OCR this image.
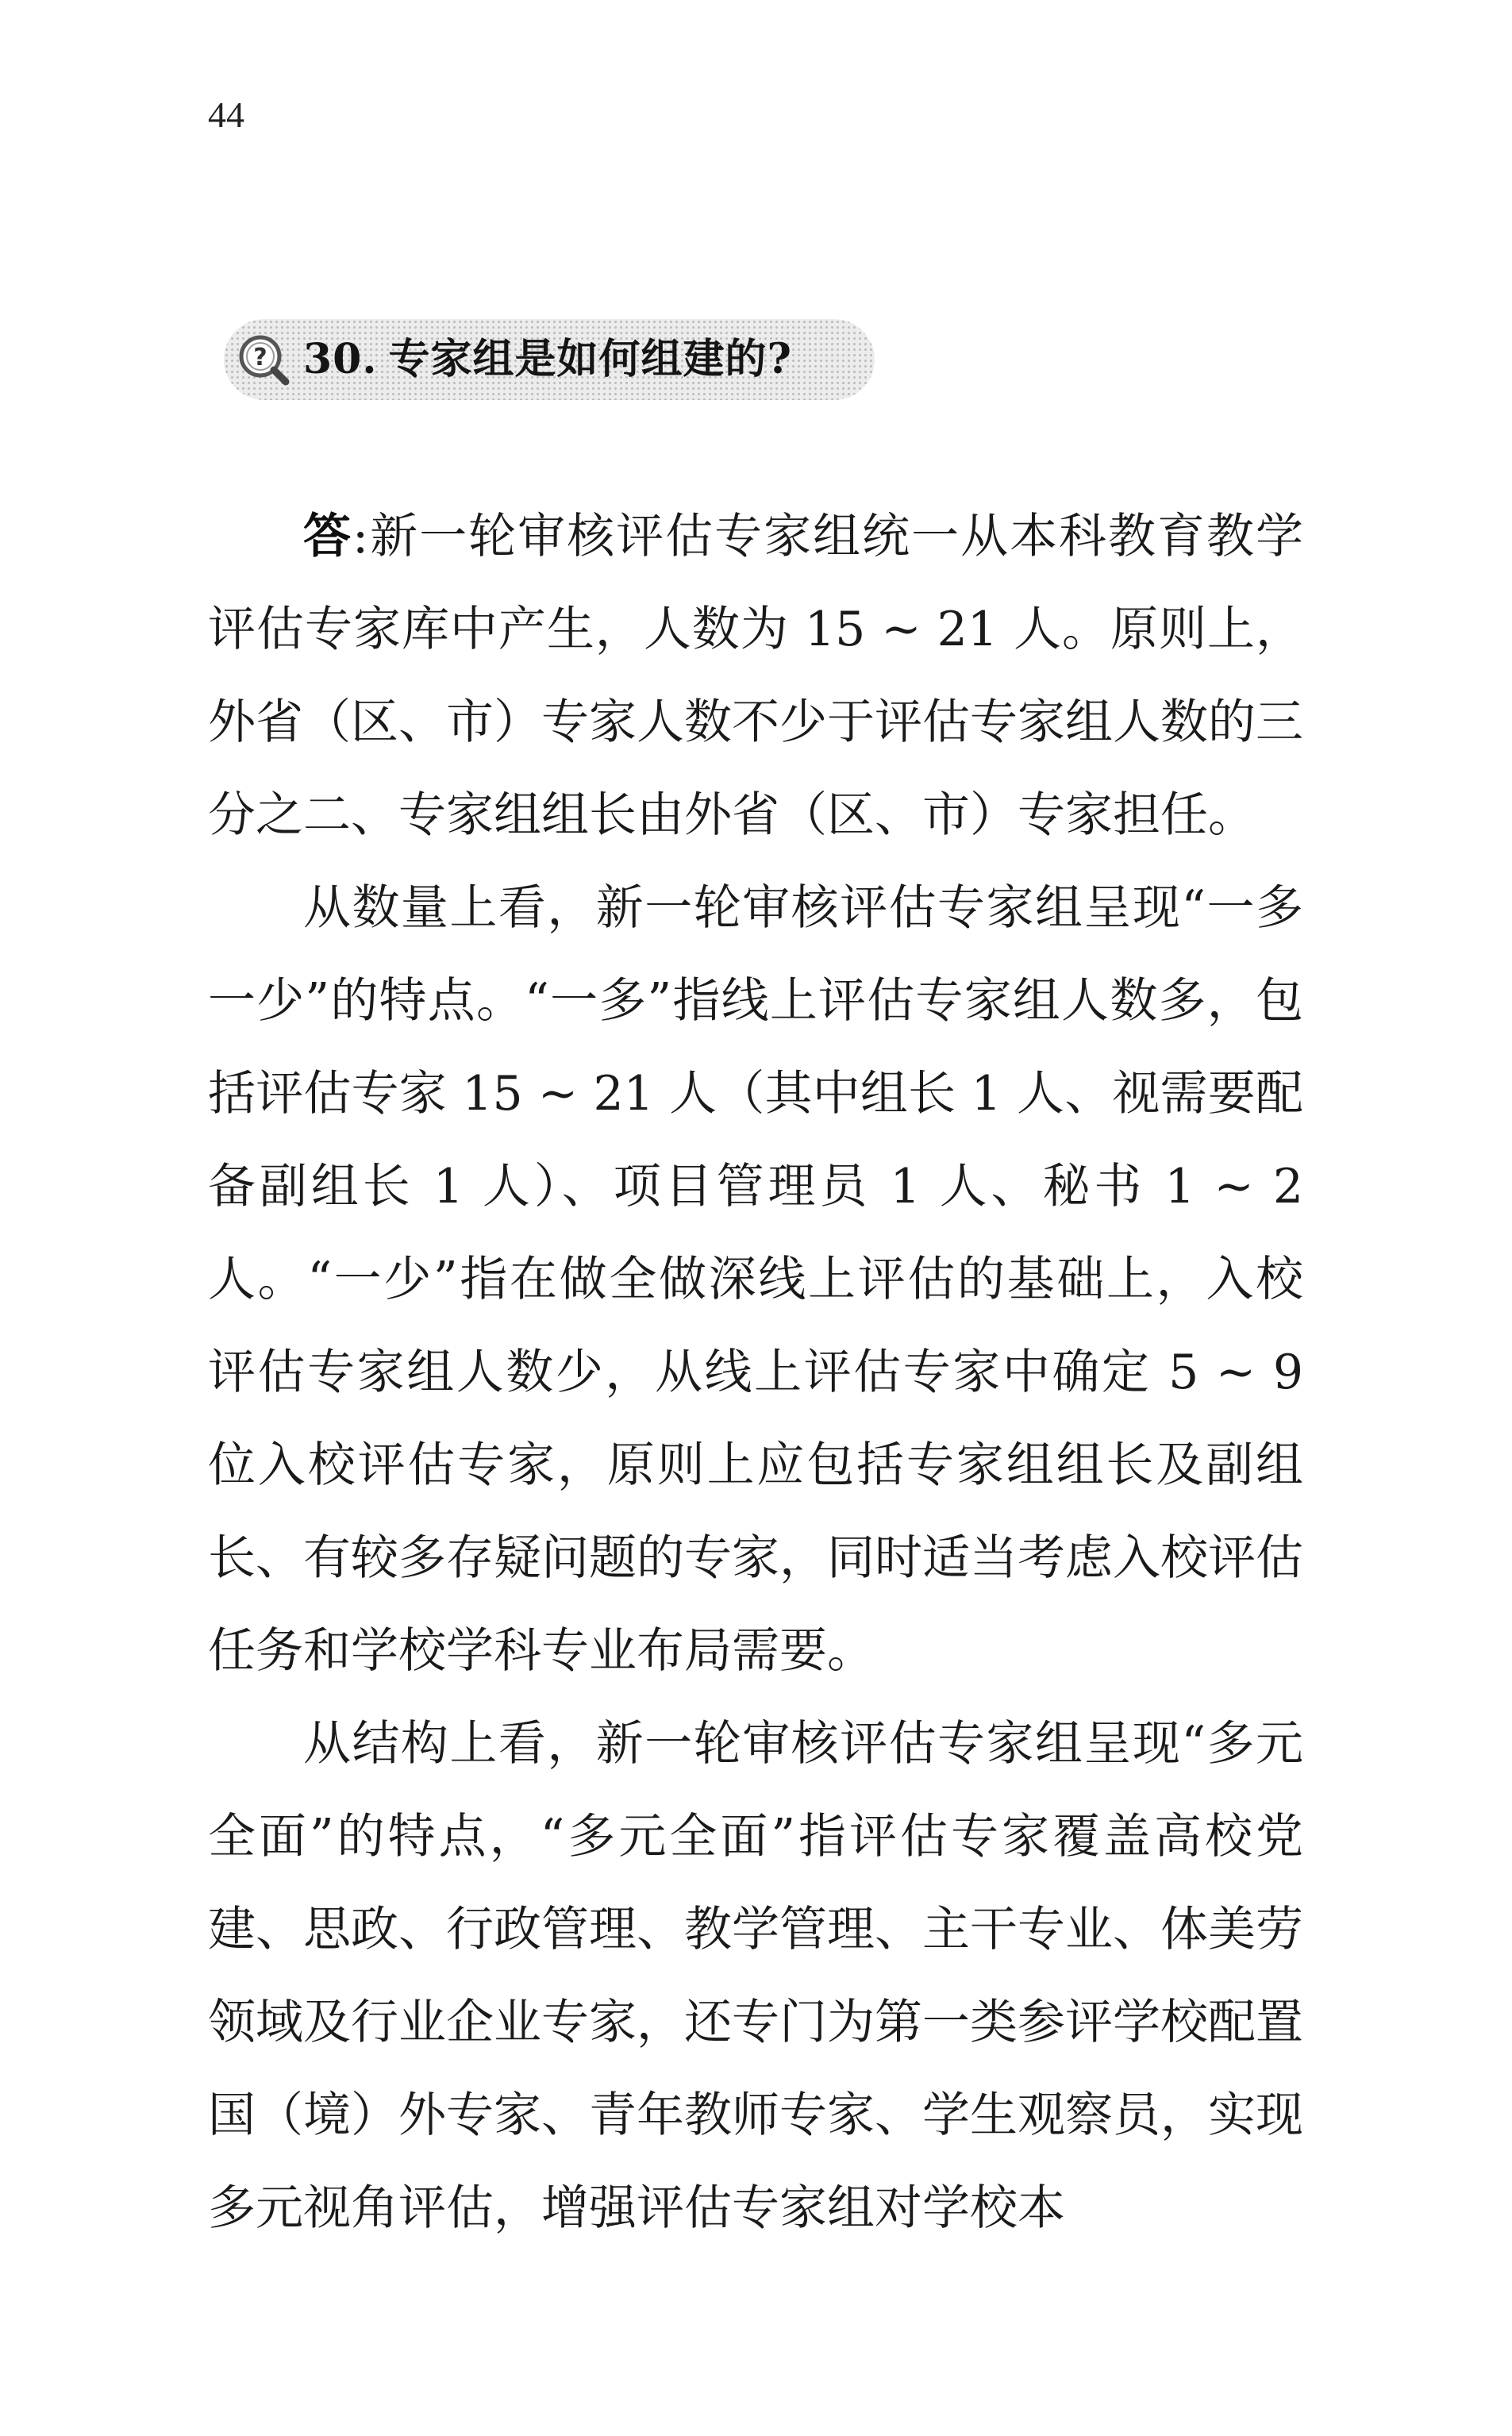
44
? 30. 专家组是如何组建的?

答:新一轮审核评估专家组统一从本科教育教学评估专家库中产生，人数为 15 ~ 21 人。原则上，外省（区、市）专家人数不少于评估专家组人数的三分之二、专家组组长由外省（区、市）专家担任。

从数量上看，新一轮审核评估专家组呈现“一多一少”的特点。“一多”指线上评估专家组人数多，包括评估专家 15 ~ 21 人（其中组长 1 人、视需要配备副组长 1 人）、项目管理员 1 人、秘书 1 ~ 2 人。“一少”指在做全做深线上评估的基础上，入校评估专家组人数少，从线上评估专家中确定 5 ~ 9 位入校评估专家，原则上应包括专家组组长及副组长、有较多存疑问题的专家，同时适当考虑入校评估任务和学校学科专业布局需要。

从结构上看，新一轮审核评估专家组呈现“多元全面”的特点，“多元全面”指评估专家覆盖高校党建、思政、行政管理、教学管理、主干专业、体美劳领域及行业企业专家，还专门为第一类参评学校配置国（境）外专家、青年教师专家、学生观察员，实现多元视角评估，增强评估专家组对学校本
